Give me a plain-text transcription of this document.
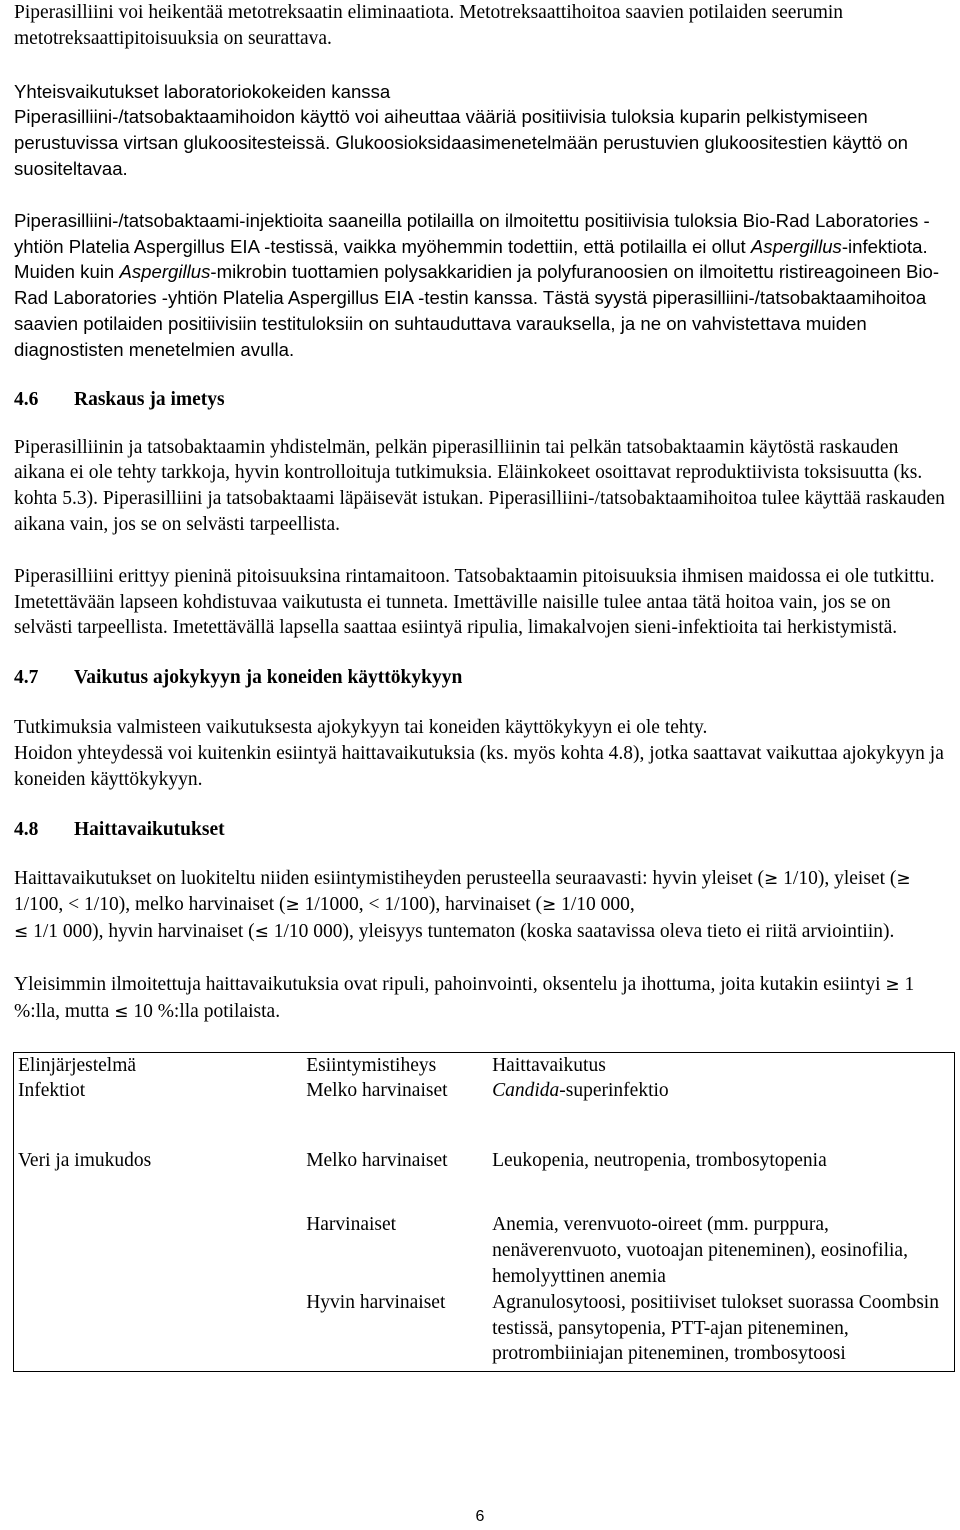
Piperasilliini voi heikentää metotreksaatin eliminaatiota. Metotreksaattihoitoa saavien potilaiden seerumin metotreksaattipitoisuuksia on seurattava.

Yhteisvaikutukset laboratoriokokeiden kanssa

Piperasilliini-/tatsobaktaamihoidon käyttö voi aiheuttaa vääriä positiivisia tuloksia kuparin pelkistymiseen perustuvissa virtsan glukoositesteissä. Glukoosioksidaasimenetelmään perustuvien glukoositestien käyttö on suositeltavaa.

Piperasilliini-/tatsobaktaami-injektioita saaneilla potilailla on ilmoitettu positiivisia tuloksia Bio-Rad Laboratories -yhtiön Platelia Aspergillus EIA -testissä, vaikka myöhemmin todettiin, että potilailla ei ollut Aspergillus-infektiota. Muiden kuin Aspergillus-mikrobin tuottamien polysakkaridien ja polyfuranoosien on ilmoitettu ristireagoineen Bio-Rad Laboratories -yhtiön Platelia Aspergillus EIA -testin kanssa. Tästä syystä piperasilliini-/tatsobaktaamihoitoa saavien potilaiden positiivisiin testituloksiin on suhtauduttava varauksella, ja ne on vahvistettava muiden diagnostisten menetelmien avulla.

4.6 Raskaus ja imetys

Piperasilliinin ja tatsobaktaamin yhdistelmän, pelkän piperasilliinin tai pelkän tatsobaktaamin käytöstä raskauden aikana ei ole tehty tarkkoja, hyvin kontrolloituja tutkimuksia. Eläinkokeet osoittavat reproduktiivista toksisuutta (ks. kohta 5.3). Piperasilliini ja tatsobaktaami läpäisevät istukan. Piperasilliini-/tatsobaktaamihoitoa tulee käyttää raskauden aikana vain, jos se on selvästi tarpeellista.

Piperasilliini erittyy pieninä pitoisuuksina rintamaitoon. Tatsobaktaamin pitoisuuksia ihmisen maidossa ei ole tutkittu. Imetettävään lapseen kohdistuvaa vaikutusta ei tunneta. Imettäville naisille tulee antaa tätä hoitoa vain, jos se on selvästi tarpeellista. Imetettävällä lapsella saattaa esiintyä ripulia, limakalvojen sieni-infektioita tai herkistymistä.

4.7 Vaikutus ajokykyyn ja koneiden käyttökykyyn

Tutkimuksia valmisteen vaikutuksesta ajokykyyn tai koneiden käyttökykyyn ei ole tehty.

Hoidon yhteydessä voi kuitenkin esiintyä haittavaikutuksia (ks. myös kohta 4.8), jotka saattavat vaikuttaa ajokykyyn ja koneiden käyttökykyyn.

4.8 Haittavaikutukset

Haittavaikutukset on luokiteltu niiden esiintymistiheyden perusteella seuraavasti: hyvin yleiset (≥ 1/10), yleiset (≥ 1/100, < 1/10), melko harvinaiset (≥ 1/1000, < 1/100), harvinaiset (≥ 1/10 000,
≤ 1/1 000), hyvin harvinaiset (≤ 1/10 000), yleisyys tuntematon (koska saatavissa oleva tieto ei riitä arviointiin).

Yleisimmin ilmoitettuja haittavaikutuksia ovat ripuli, pahoinvointi, oksentelu ja ihottuma, joita kutakin esiintyi ≥ 1 %:lla, mutta ≤ 10 %:lla potilaista.

Elinjärjestelmä	Esiintymistiheys	Haittavaikutus
Infektiot	Melko harvinaiset	Candida-superinfektio
Veri ja imukudos	Melko harvinaiset	Leukopenia, neutropenia, trombosytopenia
	Harvinaiset	Anemia, verenvuoto-oireet (mm. purppura, nenäverenvuoto, vuotoajan piteneminen), eosinofilia, hemolyyttinen anemia
	Hyvin harvinaiset	Agranulosytoosi, positiiviset tulokset suorassa Coombsin testissä, pansytopenia, PTT-ajan piteneminen, protrombiiniajan piteneminen, trombosytoosi
6
